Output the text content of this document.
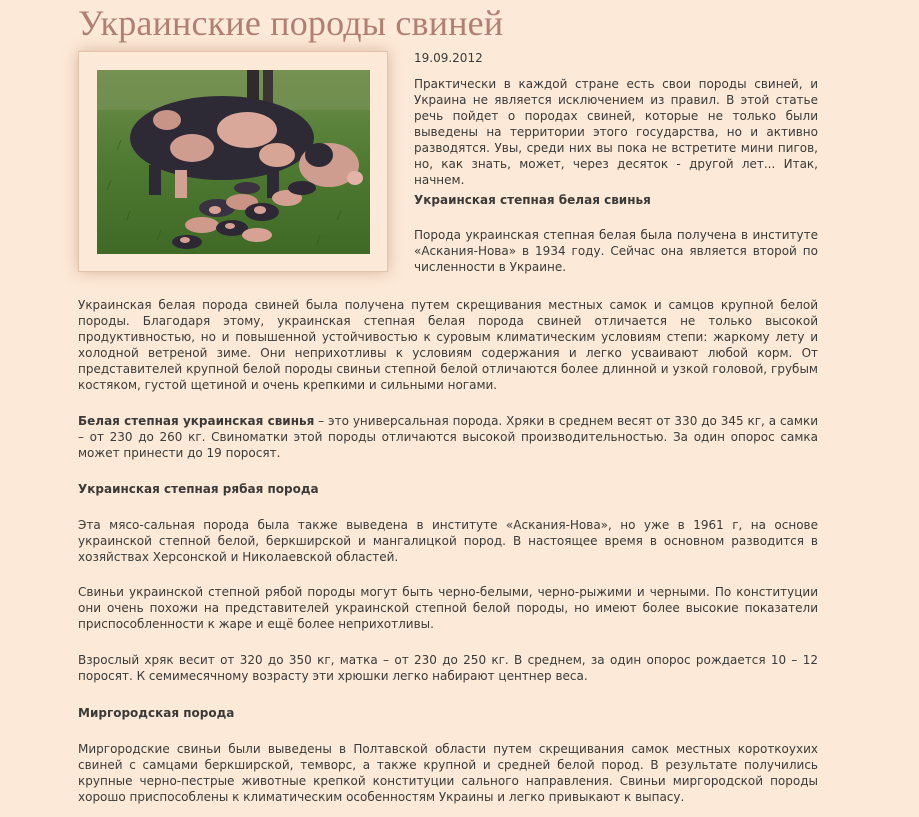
Украинские породы свиней
19.09.2012

Практически в каждой стране есть свои породы свиней, и Украина не является исключением из правил. В этой статье речь пойдет о породах свиней, которые не только были выведены на территории этого государства, но и активно разводятся. Увы, среди них вы пока не встретите мини пигов, но, как знать, может, через десяток - другой лет... Итак, начнем.

Украинская степная белая свинья

Порода украинская степная белая была получена в институте «Аскания-Нова» в 1934 году. Сейчас она является второй по численности в Украине.

Украинская белая порода свиней была получена путем скрещивания местных самок и самцов крупной белой породы. Благодаря этому, украинская степная белая порода свиней отличается не только высокой продуктивностью, но и повышенной устойчивостью к суровым климатическим условиям степи: жаркому лету и холодной ветреной зиме. Они неприхотливы к условиям содержания и легко усваивают любой корм. От представителей крупной белой породы свиньи степной белой отличаются более длинной и узкой головой, грубым костяком, густой щетиной и очень крепкими и сильными ногами.

Белая степная украинская свинья – это универсальная порода. Хряки в среднем весят от 330 до 345 кг, а самки – от 230 до 260 кг. Свиноматки этой породы отличаются высокой производительностью. За один опорос самка может принести до 19 поросят.

Украинская степная рябая порода

Эта мясо-сальная порода была также выведена в институте «Аскания-Нова», но уже в 1961 г, на основе украинской степной белой, беркширской и мангалицкой пород. В настоящее время в основном разводится в хозяйствах Херсонской и Николаевской областей.

Свиньи украинской степной рябой породы могут быть черно-белыми, черно-рыжими и черными. По конституции они очень похожи на представителей украинской степной белой породы, но имеют более высокие показатели приспособленности к жаре и ещё более неприхотливы.

Взрослый хряк весит от 320 до 350 кг, матка – от 230 до 250 кг. В среднем, за один опорос рождается 10 – 12 поросят. К семимесячному возрасту эти хрюшки легко набирают центнер веса.

Миргородская порода

Миргородские свиньи были выведены в Полтавской области путем скрещивания самок местных короткоухих свиней с самцами беркширской, темворс, а также крупной и средней белой пород. В результате получились крупные черно-пестрые животные крепкой конституции сального направления. Свиньи миргородской породы хорошо приспособлены к климатическим особенностям Украины и легко привыкают к выпасу.
